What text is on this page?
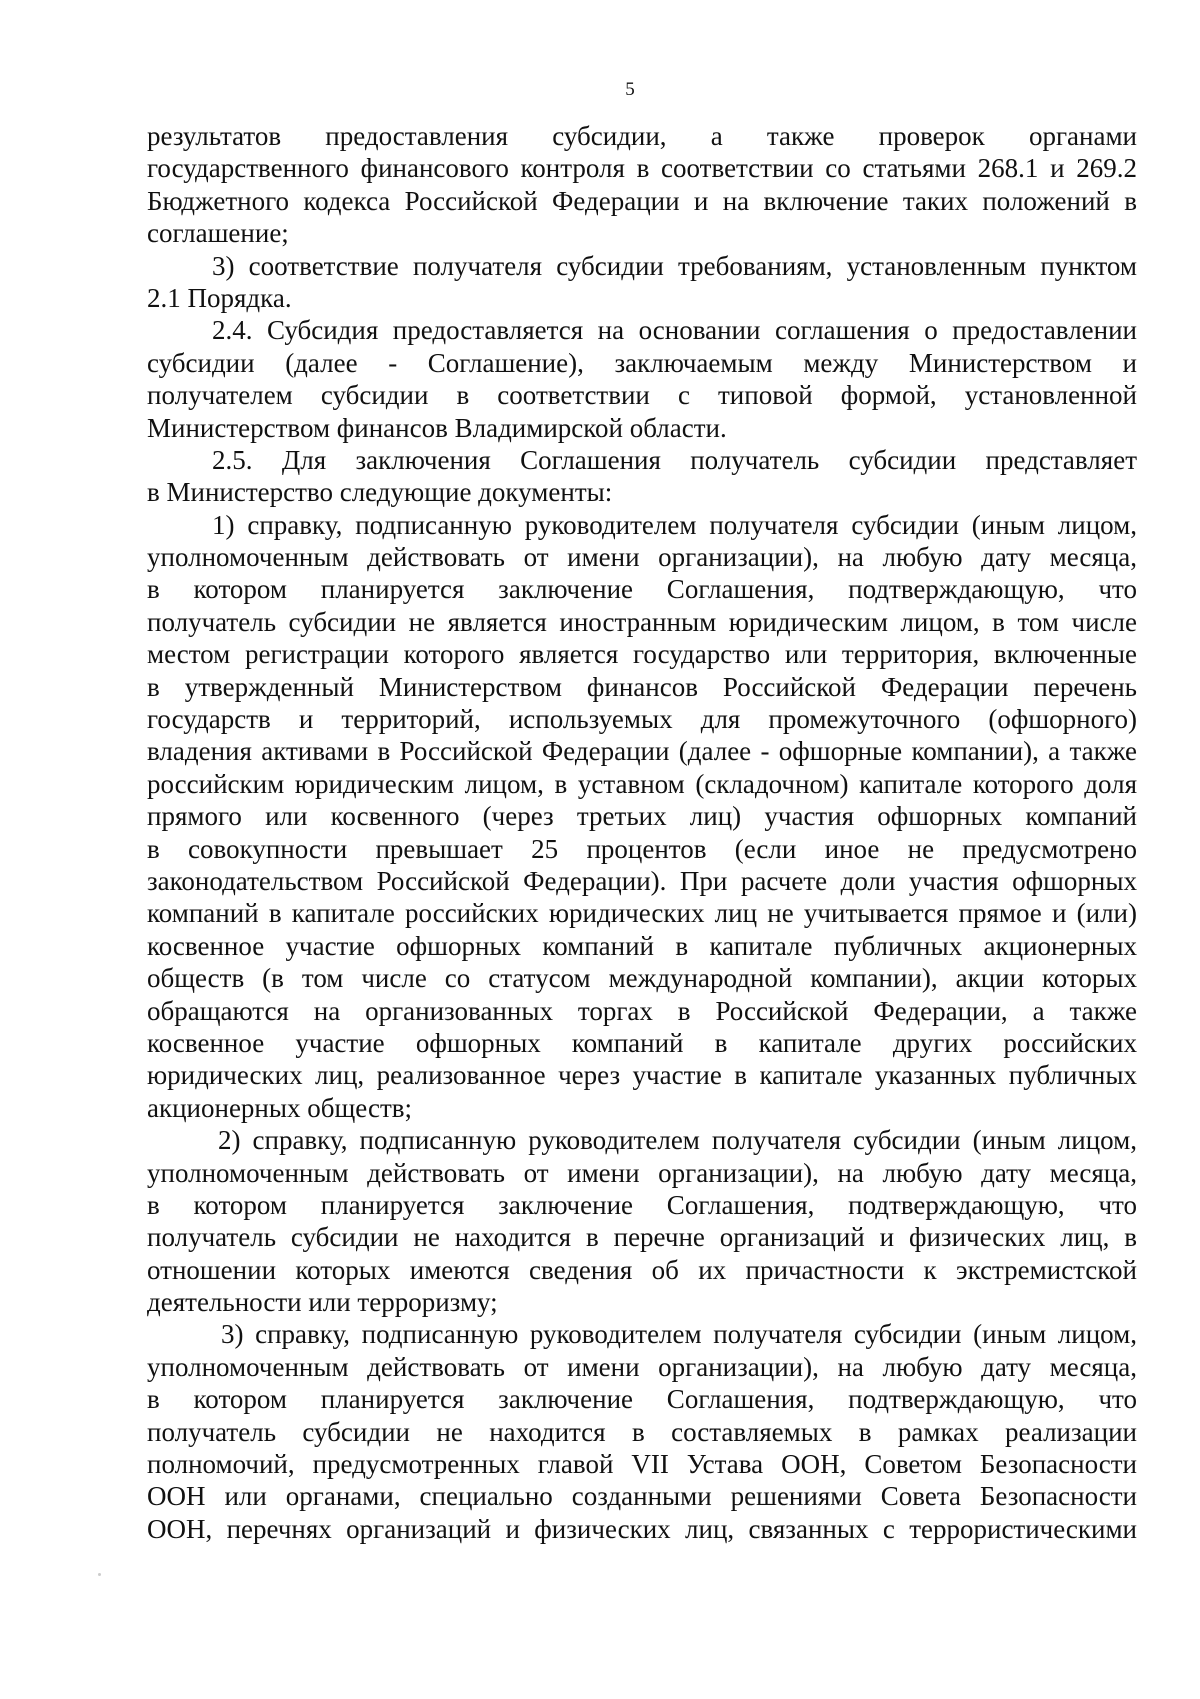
5
результатов предоставления субсидии, а также проверок органами
государственного финансового контроля в соответствии со статьями 268.1 и 269.2
Бюджетного кодекса Российской Федерации и на включение таких положений в
соглашение;
3) соответствие получателя субсидии требованиям, установленным пунктом
2.1 Порядка.
2.4. Субсидия предоставляется на основании соглашения о предоставлении
субсидии (далее - Соглашение), заключаемым между Министерством и
получателем субсидии в соответствии с типовой формой, установленной
Министерством финансов Владимирской области.
2.5. Для заключения Соглашения получатель субсидии представляет
в Министерство следующие документы:
1) справку, подписанную руководителем получателя субсидии (иным лицом,
уполномоченным действовать от имени организации), на любую дату месяца,
в котором планируется заключение Соглашения, подтверждающую, что
получатель субсидии не является иностранным юридическим лицом, в том числе
местом регистрации которого является государство или территория, включенные
в утвержденный Министерством финансов Российской Федерации перечень
государств и территорий, используемых для промежуточного (офшорного)
владения активами в Российской Федерации (далее - офшорные компании), а также
российским юридическим лицом, в уставном (складочном) капитале которого доля
прямого или косвенного (через третьих лиц) участия офшорных компаний
в совокупности превышает 25 процентов (если иное не предусмотрено
законодательством Российской Федерации). При расчете доли участия офшорных
компаний в капитале российских юридических лиц не учитывается прямое и (или)
косвенное участие офшорных компаний в капитале публичных акционерных
обществ (в том числе со статусом международной компании), акции которых
обращаются на организованных торгах в Российской Федерации, а также
косвенное участие офшорных компаний в капитале других российских
юридических лиц, реализованное через участие в капитале указанных публичных
акционерных обществ;
2) справку, подписанную руководителем получателя субсидии (иным лицом,
уполномоченным действовать от имени организации), на любую дату месяца,
в котором планируется заключение Соглашения, подтверждающую, что
получатель субсидии не находится в перечне организаций и физических лиц, в
отношении которых имеются сведения об их причастности к экстремистской
деятельности или терроризму;
3) справку, подписанную руководителем получателя субсидии (иным лицом,
уполномоченным действовать от имени организации), на любую дату месяца,
в котором планируется заключение Соглашения, подтверждающую, что
получатель субсидии не находится в составляемых в рамках реализации
полномочий, предусмотренных главой VII Устава ООН, Советом Безопасности
ООН или органами, специально созданными решениями Совета Безопасности
ООН, перечнях организаций и физических лиц, связанных с террористическими
